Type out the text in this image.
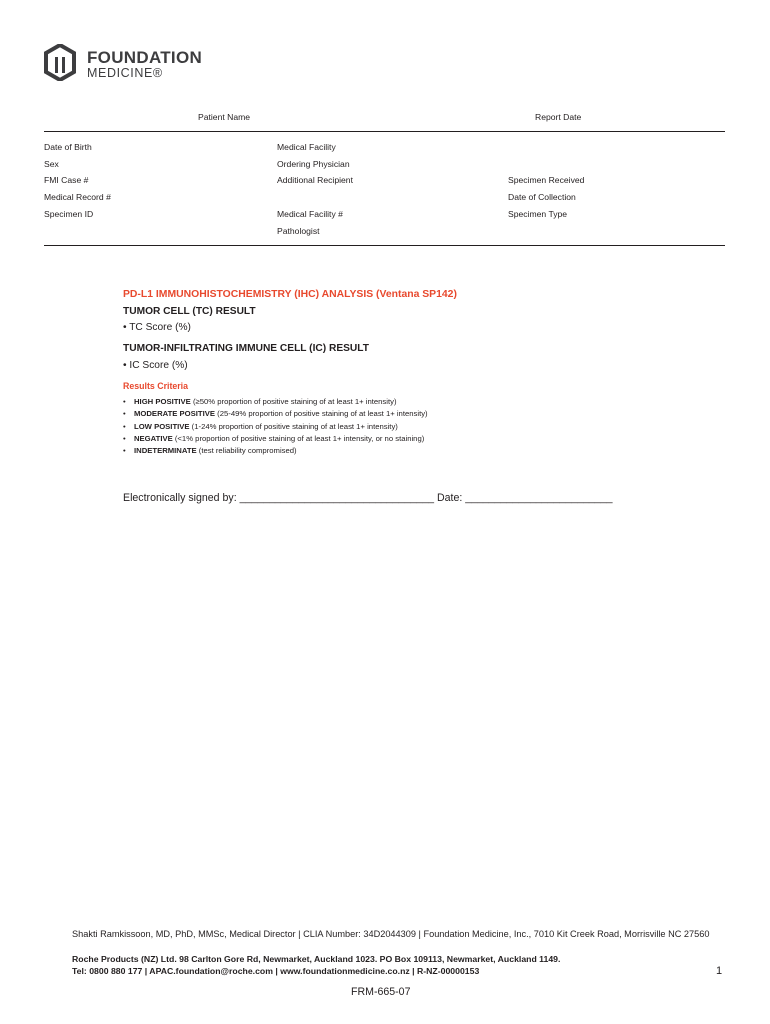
FOUNDATION
MEDICINE®
Patient Name	Report Date
Date of Birth
Sex
FMI Case #
Medical Record #
Specimen ID
Medical Facility
Ordering Physician
Additional Recipient
Medical Facility #
Pathologist
Specimen Received
Date of Collection
Specimen Type
PD-L1 IMMUNOHISTOCHEMISTRY (IHC) ANALYSIS (Ventana SP142)
TUMOR CELL (TC) RESULT
• TC Score (%)
TUMOR-INFILTRATING IMMUNE CELL (IC) RESULT
• IC Score (%)
Results Criteria
• HIGH POSITIVE (≥50% proportion of positive staining of at least 1+ intensity)
• MODERATE POSITIVE (25-49% proportion of positive staining of at least 1+ intensity)
• LOW POSITIVE (1-24% proportion of positive staining of at least 1+ intensity)
• NEGATIVE (<1% proportion of positive staining of at least 1+ intensity, or no staining)
• INDETERMINATE (test reliability compromised)
Electronically signed by: _________________________________ Date: _________________________
Shakti Ramkissoon, MD, PhD, MMSc, Medical Director | CLIA Number: 34D2044309 | Foundation Medicine, Inc., 7010 Kit Creek Road, Morrisville NC 27560
Roche Products (NZ) Ltd. 98 Carlton Gore Rd, Newmarket, Auckland 1023. PO Box 109113, Newmarket, Auckland 1149.
Tel: 0800 880 177 | APAC.foundation@roche.com | www.foundationmedicine.co.nz | R-NZ-00000153	1
FRM-665-07
